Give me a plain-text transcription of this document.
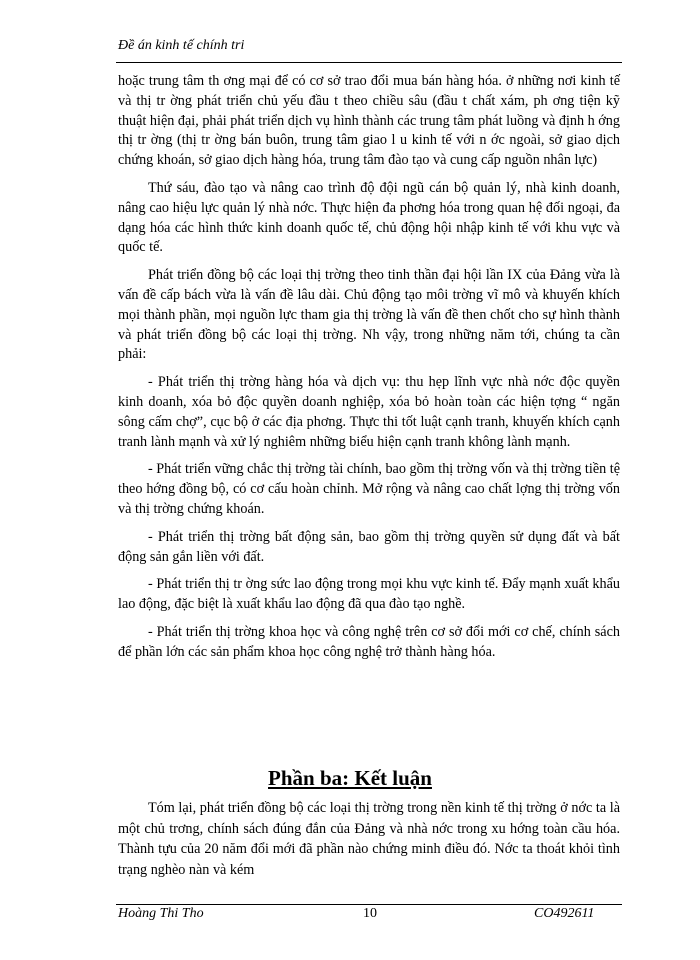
Đề án kinh tế chính tri

hoặc trung tâm th ơng mại để có cơ sở trao đổi mua bán hàng hóa. ở những nơi kinh tế và thị tr ờng phát triển chủ yếu đầu t theo chiều sâu (đầu t chất xám, ph ơng tiện kỹ thuật hiện đại, phải phát triển dịch vụ hình thành các trung tâm phát luồng và định h ớng thị tr ờng (thị tr ờng bán buôn, trung tâm giao l u kinh tế với n ớc ngoài, sở giao dịch chứng khoán, sở giao dịch hàng hóa, trung tâm đào tạo và cung cấp nguồn nhân lực)

Thứ sáu, đào tạo và nâng cao trình độ đội ngũ cán bộ quản lý, nhà kinh doanh, nâng cao hiệu lực quản lý nhà nớc. Thực hiện đa phơng hóa trong quan hệ đối ngoại, đa dạng hóa các hình thức kinh doanh quốc tế, chủ động hội nhập kinh tế với khu vực và quốc tế.

Phát triển đồng bộ các loại thị trờng theo tinh thần đại hội lần IX của Đảng vừa là vấn đề cấp bách vừa là vấn đề lâu dài. Chủ động tạo môi trờng vĩ mô và khuyến khích mọi thành phần, mọi nguồn lực tham gia thị trờng là vấn đề then chốt cho sự hình thành và phát triển đồng bộ các loại thị trờng. Nh vậy, trong những năm tới, chúng ta cần phải:

- Phát triển thị trờng hàng hóa và dịch vụ: thu hẹp lĩnh vực nhà nớc độc quyền kinh doanh, xóa bỏ độc quyền doanh nghiệp, xóa bỏ hoàn toàn các hiện tợng “ ngăn sông cấm chợ”, cục bộ ở các địa phơng. Thực thi tốt luật cạnh tranh, khuyến khích cạnh tranh lành mạnh và xử lý nghiêm những biểu hiện cạnh tranh không lành mạnh.

- Phát triển vững chắc thị trờng tài chính, bao gồm thị trờng vốn và thị trờng tiền tệ theo hớng đồng bộ, có cơ cấu hoàn chỉnh. Mở rộng và nâng cao chất lợng thị trờng vốn và thị trờng chứng khoán.

- Phát triển thị trờng bất động sản, bao gồm thị trờng quyền sử dụng đất và bất động sản gắn liền với đất.

- Phát triển thị tr ờng sức lao động trong mọi khu vực kinh tế. Đẩy mạnh xuất khẩu lao động, đặc biệt là xuất khẩu lao động đã qua đào tạo nghề.

- Phát triển thị trờng khoa học và công nghệ trên cơ sở đổi mới cơ chế, chính sách để phần lớn các sản phẩm khoa học công nghệ trở thành hàng hóa.

Phần ba: Kết luận

Tóm lại, phát triển đồng bộ các loại thị trờng trong nền kinh tế thị trờng ở nớc ta là một chủ trơng, chính sách đúng đắn của Đảng và nhà nớc trong xu hớng toàn cầu hóa. Thành tựu của 20 năm đổi mới đã phần nào chứng minh điều đó. Nớc ta thoát khỏi tình trạng nghèo nàn và kém

Hoàng Thi Tho	10	CO492611
